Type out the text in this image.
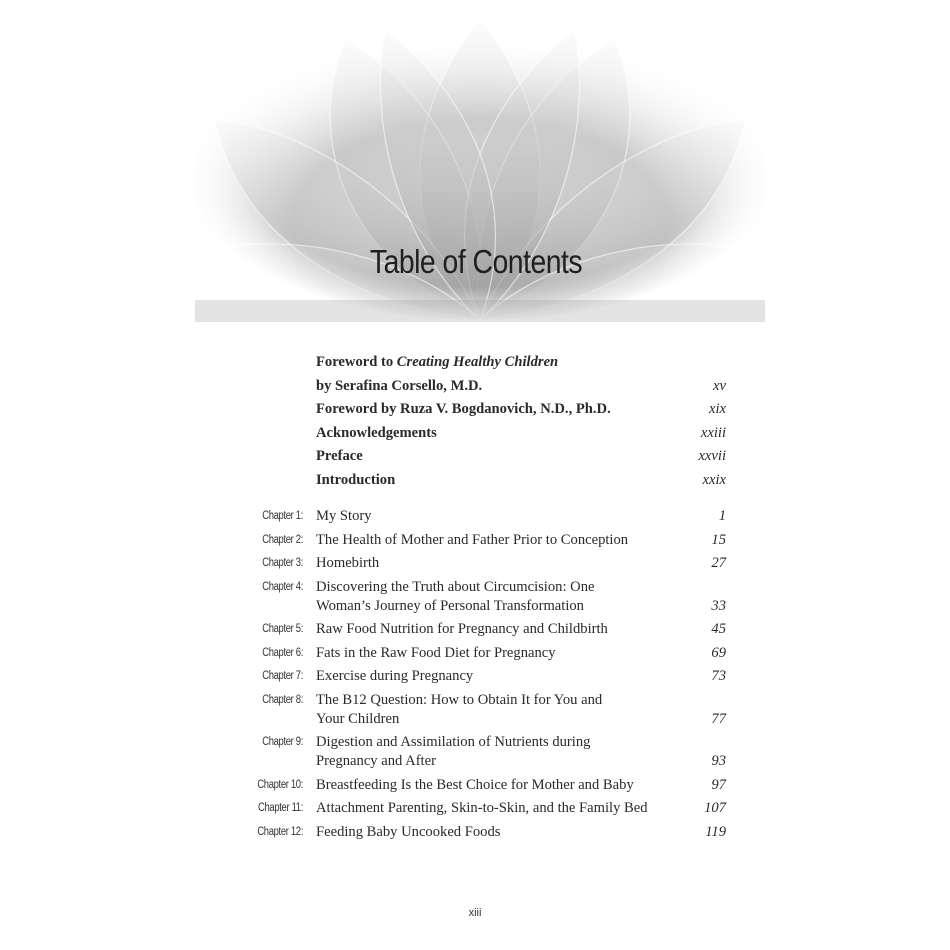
Table of Contents
Foreword to Creating Healthy Children
by Serafina Corsello, M.D.	xv
Foreword by Ruza V. Bogdanovich, N.D., Ph.D.	xix
Acknowledgements	xxiii
Preface	xxvii
Introduction	xxix
Chapter 1: My Story	1
Chapter 2: The Health of Mother and Father Prior to Conception	15
Chapter 3: Homebirth	27
Chapter 4: Discovering the Truth about Circumcision: One
Woman’s Journey of Personal Transformation	33
Chapter 5: Raw Food Nutrition for Pregnancy and Childbirth	45
Chapter 6: Fats in the Raw Food Diet for Pregnancy	69
Chapter 7: Exercise during Pregnancy	73
Chapter 8: The B12 Question: How to Obtain It for You and
Your Children	77
Chapter 9: Digestion and Assimilation of Nutrients during
Pregnancy and After	93
Chapter 10: Breastfeeding Is the Best Choice for Mother and Baby	97
Chapter 11: Attachment Parenting, Skin-to-Skin, and the Family Bed	107
Chapter 12: Feeding Baby Uncooked Foods	119
xiii
